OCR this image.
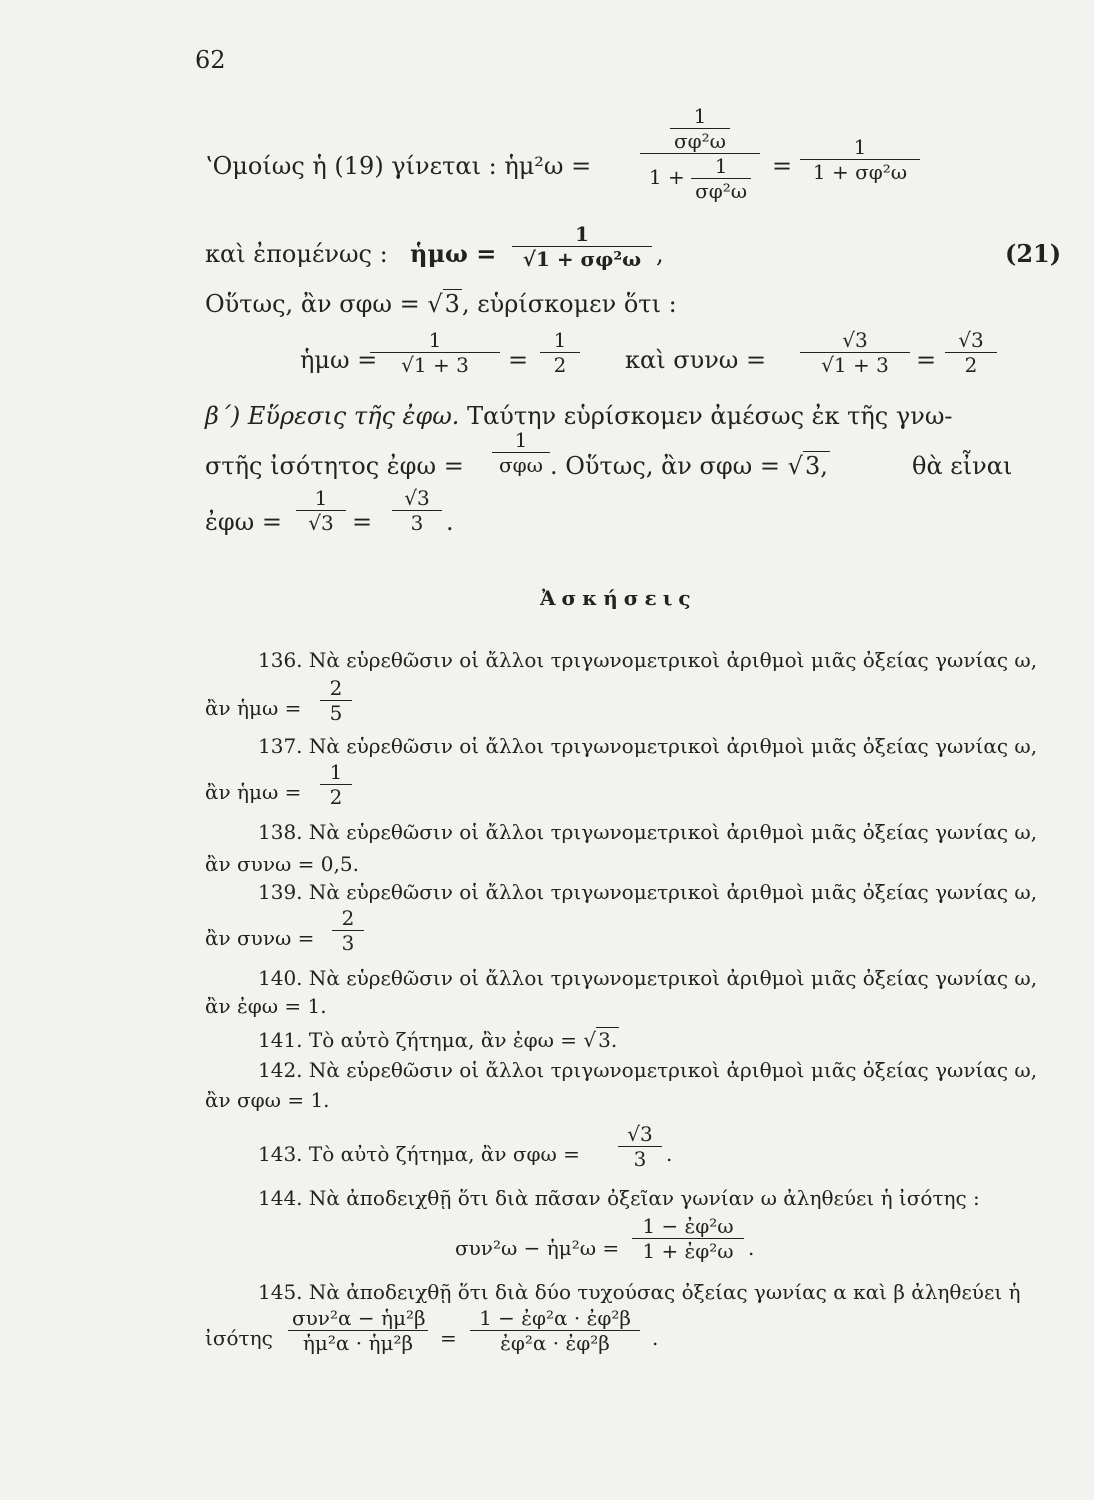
62
ʽΟμοίως ἡ (19) γίνεται : ἡμ²ω = $\frac{\frac{1}{\text{σφ²ω}}}{1 + \frac{1}{\text{σφ²ω}}} = \frac{1}{\text{1 + σφ²ω}}$
καὶ ἐπομένως : ἡμω = $\frac{1}{\text{√1 + σφ²ω}}$ ,	(21)
Οὕτως, ἂν σφω = √3, εὑρίσκομεν ὅτι :
ἡμω =
$\frac{1}{√1 + 3} = \frac{1}{2}$ καὶ $\sigma\upsilon\nu\omega = \frac{√3}{√1 + 3} = \frac{√3}{2}$
β΄) Εὕρεσις τῆς ἐφω. Ταύτην εὑρίσκομεν ἀμέσως ἐκ τῆς γνω-
στῆς ἰσότητος ἐφω = $\frac{1}{\text{σφω}}$ . Οὕτως, ἂν σφω = √3,	θὰ εἶναι
ἐφω = $\frac{1}{√3} = \frac{√3}{3}$ .
Ἀσκήσεις
136. Νὰ εὑρεθῶσιν οἱ ἄλλοι τριγωνομετρικοὶ ἀριθμοὶ μιᾶς ὀξείας γωνίας ω,
ἂν ἡμω = $\frac{2}{5}$
137. Νὰ εὑρεθῶσιν οἱ ἄλλοι τριγωνομετρικοὶ ἀριθμοὶ μιᾶς ὀξείας γωνίας ω,
ἂν ἡμω = $\frac{1}{2}$
138. Νὰ εὑρεθῶσιν οἱ ἄλλοι τριγωνομετρικοὶ ἀριθμοὶ μιᾶς ὀξείας γωνίας ω,
ἂν συνω = 0,5.
139. Νὰ εὑρεθῶσιν οἱ ἄλλοι τριγωνομετρικοὶ ἀριθμοὶ μιᾶς ὀξείας γωνίας ω,
ἂν $\sigma\upsilon\nu\omega = \frac{2}{3}$
140. Νὰ εὑρεθῶσιν οἱ ἄλλοι τριγωνομετρικοὶ ἀριθμοὶ μιᾶς ὀξείας γωνίας ω,
ἂν ἐφω = 1.
141. Τὸ αὐτὸ ζήτημα, ἂν ἐφω = √ 3.
142. Νὰ εὑρεθῶσιν οἱ ἄλλοι τριγωνομετρικοὶ ἀριθμοὶ μιᾶς ὀξείας γωνίας ω,
ἂν σφω = 1.
143. Τὸ αὐτὸ ζήτημα, ἂν $\sigma\varphi\omega = \frac{√3}{3}$ .
144. Νὰ ἀποδειχθῇ ὅτι διὰ πᾶσαν ὀξεῖαν γωνίαν ω ἀληθεύει ἡ ἰσότης :
συν²ω − ἡμ²ω = $\frac{\text{1 − ἐφ²ω}}{\text{1 + ἐφ²ω}}$ .
145. Νὰ ἀποδειχθῇ ὅτι διὰ δύο τυχούσας ὀξείας γωνίας α καὶ β ἀληθεύει ἡ
ἰσότης $\frac{\text{συν²α − ἡμ²β}}{\text{ἡμ²α · ἡμ²β}} = \frac{\text{1 − ἐφ²α · ἐφ²β}}{\text{ἐφ²α · ἐφ²β}}$ .
